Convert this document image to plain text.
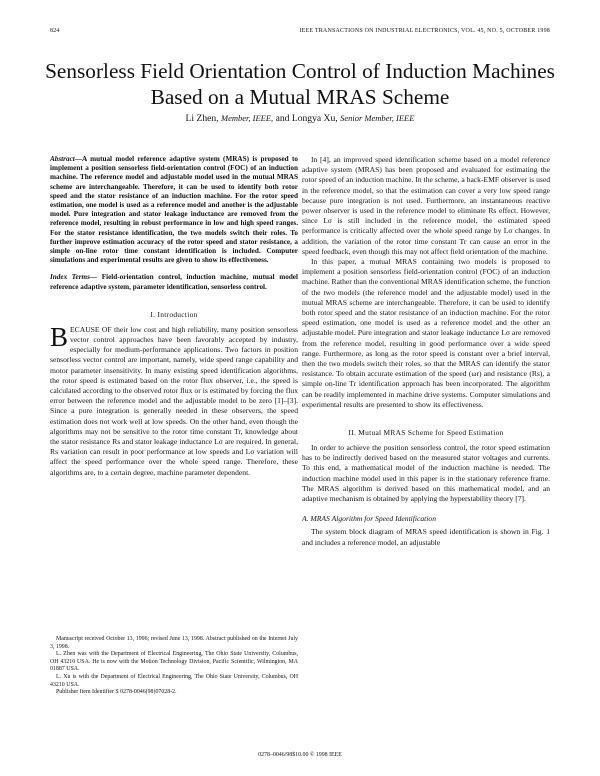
824	IEEE TRANSACTIONS ON INDUSTRIAL ELECTRONICS, VOL. 45, NO. 5, OCTOBER 1998
Sensorless Field Orientation Control of Induction Machines Based on a Mutual MRAS Scheme
Li Zhen, Member, IEEE, and Longya Xu, Senior Member, IEEE

Abstract—A mutual model reference adaptive system (MRAS) is proposed to implement a position sensorless field-orientation control (FOC) of an induction machine. The reference model and adjustable model used in the mutual MRAS scheme are interchangeable. Therefore, it can be used to identify both rotor speed and the stator resistance of an induction machine. For the rotor speed estimation, one model is used as a reference model and another is the adjustable model. Pure integration and stator leakage inductance are removed from the reference model, resulting in robust performance in low and high speed ranges. For the stator resistance identification, the two models switch their roles. To further improve estimation accuracy of the rotor speed and stator resistance, a simple on-line rotor time constant identification is included. Computer simulations and experimental results are given to show its effectiveness.

Index Terms— Field-orientation control, induction machine, mutual model reference adaptive system, parameter identification, sensorless control.

I. Introduction

BECAUSE OF their low cost and high reliability, many position sensorless vector control approaches have been favorably accepted by industry, especially for medium-performance applications. Two factors in position sensorless vector control are important, namely, wide speed range capability and motor parameter insensitivity. In many existing speed identification algorithms, the rotor speed is estimated based on the rotor flux observer, i.e., the speed is calculated according to the observed rotor flux or is estimated by forcing the flux error between the reference model and the adjustable model to be zero [1]–[3]. Since a pure integration is generally needed in these observers, the speed estimation does not work well at low speeds. On the other hand, even though the algorithms may not be sensitive to the rotor time constant Tr, knowledge about the stator resistance Rs and stator leakage inductance Lσ are required. In general, Rs variation can result in poor performance at low speeds and Lσ variation will affect the speed performance over the whole speed range. Therefore, these algorithms are, to a certain degree, machine parameter dependent.

Manuscript received October 13, 1996; revised June 13, 1998. Abstract published on the Internet July 3, 1998.

L. Zhen was with the Department of Electrical Engineering, The Ohio State University, Columbus, OH 43210 USA. He is now with the Motion Technology Division, Pacific Scientific, Wilmington, MA 01887 USA.

L. Xu is with the Department of Electrical Engineering, The Ohio State University, Columbus, OH 43210 USA.

Publisher Item Identifier S 0278-0046(98)07028-2.

In [4], an improved speed identification scheme based on a model reference adaptive system (MRAS) has been proposed and evaluated for estimating the rotor speed of an induction machine. In the scheme, a back-EMF observer is used in the reference model, so that the estimation can cover a very low speed range because pure integration is not used. Furthermore, an instantaneous reactive power observer is used in the reference model to eliminate Rs effect. However, since Lσ is still included in the reference model, the estimated speed performance is critically affected over the whole speed range by Lσ changes. In addition, the variation of the rotor time constant Tr can cause an error in the speed feedback, even though this may not affect field orientation of the machine.

In this paper, a mutual MRAS containing two models is proposed to implement a position sensorless field-orientation control (FOC) of an induction machine. Rather than the conventional MRAS identification scheme, the function of the two models (the reference model and the adjustable model) used in the mutual MRAS scheme are interchangeable. Therefore, it can be used to identify both rotor speed and the stator resistance of an induction machine. For the rotor speed estimation, one model is used as a reference model and the other an adjustable model. Pure integration and stator leakage inductance Lσ are removed from the reference model, resulting in good performance over a wide speed range. Furthermore, as long as the rotor speed is constant over a brief interval, then the two models switch their roles, so that the MRAS can identify the stator resistance. To obtain accurate estimation of the speed (ωr) and resistance (Rs), a simple on-line Tr identification approach has been incorporated. The algorithm can be readily implemented in machine drive systems. Computer simulations and experimental results are presented to show its effectiveness.

II. Mutual MRAS Scheme for Speed Estimation

In order to achieve the position sensorless control, the rotor speed estimation has to be indirectly derived based on the measured stator voltages and currents. To this end, a mathematical model of the induction machine is needed. The induction machine model used in this paper is in the stationary reference frame. The MRAS algorithm is derived based on this mathematical model, and an adaptive mechanism is obtained by applying the hyperstability theory [7].

A. MRAS Algorithm for Speed Identification

The system block diagram of MRAS speed identification is shown in Fig. 1 and includes a reference model, an adjustable

0278–0046/98$10.00 © 1998 IEEE
